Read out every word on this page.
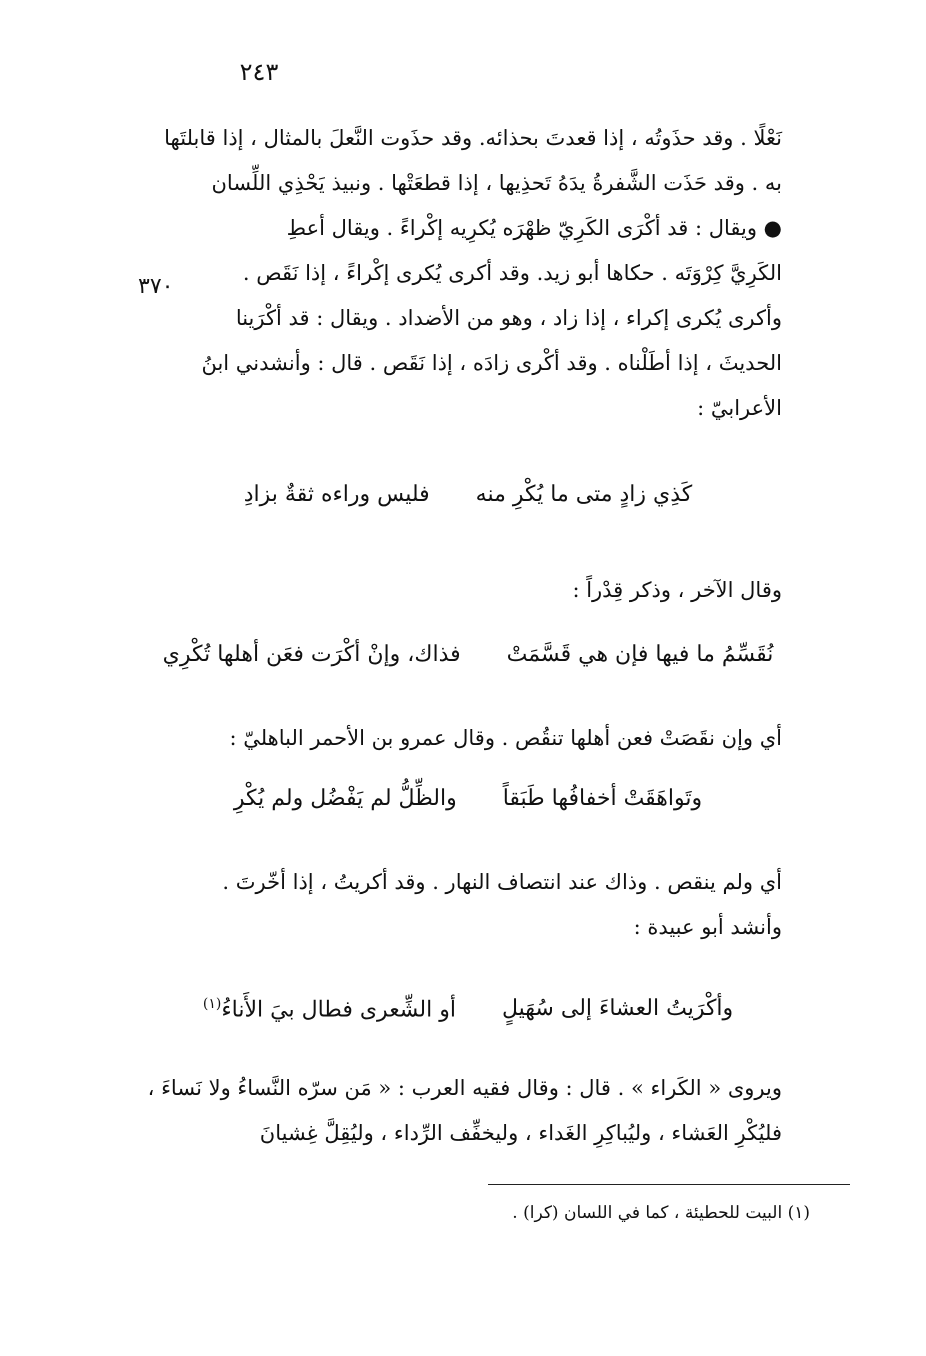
٢٤٣
٣٧٠

نَعْلًا . وقد حذَوتُه ، إذا قعدتَ بحذائه. وقد حذَوت النَّعلَ بالمثال ، إذا قابلتَها

به . وقد حَذَت الشَّفرةُ يدَهُ تَحذِيها ، إذا قطعَتْها . ونبيذ يَحْذِي اللِّسان

● ويقال : قد أكْرَى الكَرِيّ ظهْرَه يُكرِيه إكْراءً . ويقال أعطِ

الكَرِيَّ كِرْوَتَه . حكاها أبو زيد. وقد أكرى يُكرى إكْراءً ، إذا نَقَص .

وأكرى يُكرى إكراء ، إذا زاد ، وهو من الأضداد . ويقال : قد أكْرَينا

الحديثَ ، إذا أطَلْناه . وقد أكْرى زادَه ، إذا نَقَص . قال : وأنشدني ابنُ

الأعرابيّ :

كَذِي زادٍ متى ما يُكْرِ منه
فليس وراءه ثقةٌ بزادِ

وقال الآخر ، وذكر قِدْراً :

نُقَسِّمُ ما فيها فإن هي قَسَّمَتْ
فذاك، وإنْ أكْرَت فعَن أهلها تُكْرِي

أي وإن نقَصَتْ فعن أهلها تنقُص . وقال عمرو بن الأحمر الباهليّ :

وتَواهَقَتْ أخفافُها طَبَقاً
والظِّلُّ لم يَفْضُل ولم يُكْرِ

أي ولم ينقص . وذاك عند انتصاف النهار . وقد أكريتُ ، إذا أخّرتَ .

وأنشد أبو عبيدة :

وأكْرَيتُ العشاءَ إلى سُهَيلٍ
أو الشِّعرى فطال بيَ الأَناءُ$^{(١)}$

ويروى « الكَراء » . قال : وقال فقيه العرب : « مَن سرّه النَّساءُ ولا نَساءَ ،

فليُكْرِ العَشاء ، وليُباكِرِ الغَداء ، وليخفِّف الرِّداء ، وليُقِلَّ غِشيانَ

(١) البيت للحطيئة ، كما في اللسان (كرا) .
